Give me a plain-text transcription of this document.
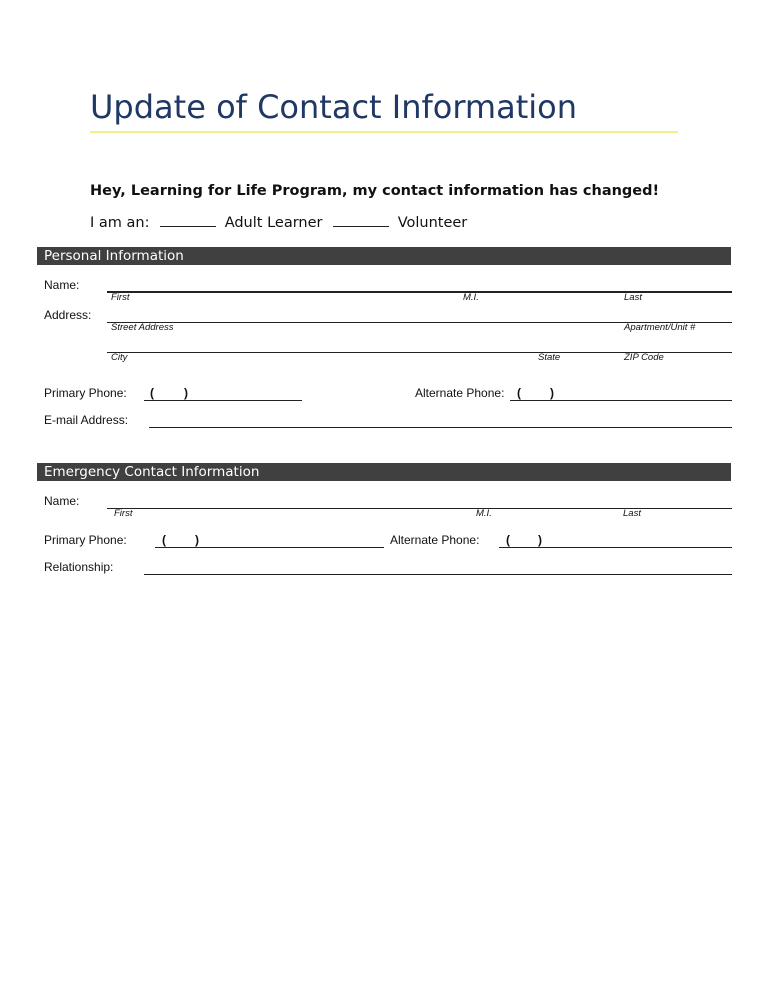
Update of Contact Information
Hey, Learning for Life Program, my contact information has changed!
I am an:	Adult Learner	Volunteer
Personal Information
Name:
First	M.I.	Last
Address:
Street Address	Apartment/Unit #
City	State	ZIP Code
Primary Phone: (	)	Alternate Phone: ( )
E-mail Address:
Emergency Contact Information
Name:
First	M.I.	Last
Primary Phone:	( )	Alternate Phone: ( )
Relationship:
